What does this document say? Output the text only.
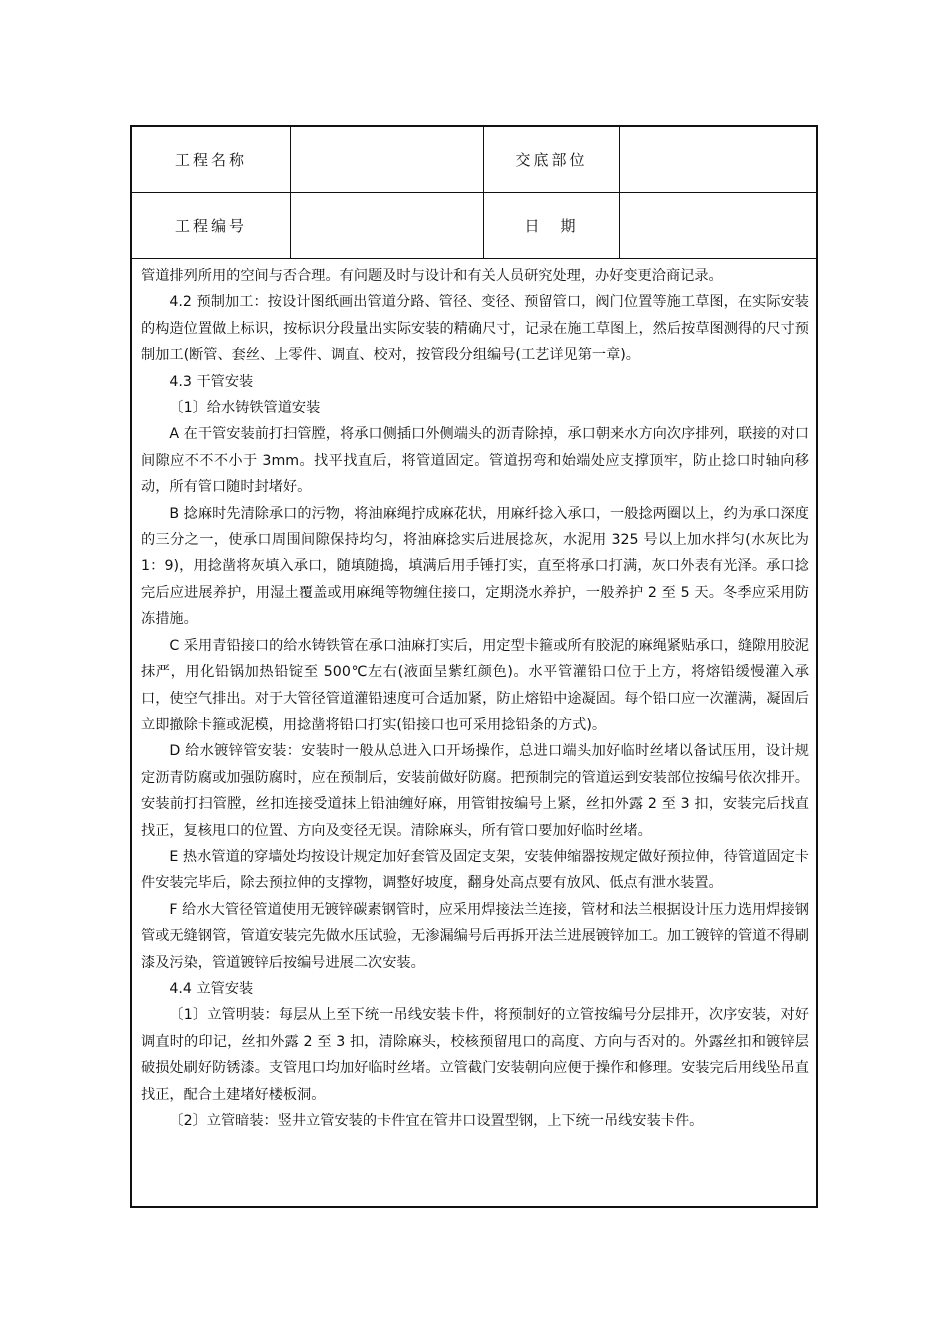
工程名称	交底部位
工程编号	日　期

管道排列所用的空间与否合理。有问题及时与设计和有关人员研究处理，办好变更洽商记录。

4.2 预制加工：按设计图纸画出管道分路、管径、变径、预留管口，阀门位置等施工草图，在实际安装的构造位置做上标识，按标识分段量出实际安装的精确尺寸，记录在施工草图上，然后按草图测得的尺寸预制加工(断管、套丝、上零件、调直、校对，按管段分组编号(工艺详见第一章)。

4.3 干管安装

〔1〕给水铸铁管道安装

A 在干管安装前打扫管膛，将承口侧插口外侧端头的沥青除掉，承口朝来水方向次序排列，联接的对口间隙应不不不小于 3mm。找平找直后，将管道固定。管道拐弯和始端处应支撑顶牢，防止捻口时轴向移动，所有管口随时封堵好。

B 捻麻时先清除承口的污物，将油麻绳拧成麻花状，用麻纤捻入承口，一般捻两圈以上，约为承口深度的三分之一，使承口周围间隙保持均匀，将油麻捻实后进展捻灰，水泥用 325 号以上加水拌匀(水灰比为 1：9)，用捻凿将灰填入承口，随填随捣，填满后用手锤打实，直至将承口打满，灰口外表有光泽。承口捻完后应进展养护，用湿土覆盖或用麻绳等物缠住接口，定期浇水养护，一般养护 2 至 5 天。冬季应采用防冻措施。

C 采用青铅接口的给水铸铁管在承口油麻打实后，用定型卡箍或所有胶泥的麻绳紧贴承口，缝隙用胶泥抹严，用化铅锅加热铅锭至 500℃左右(液面呈紫红颜色)。水平管灌铅口位于上方，将熔铅缓慢灌入承口，使空气排出。对于大管径管道灌铅速度可合适加紧，防止熔铅中途凝固。每个铅口应一次灌满，凝固后立即撤除卡箍或泥模，用捻凿将铅口打实(铅接口也可采用捻铅条的方式)。

D 给水镀锌管安装：安装时一般从总进入口开场操作，总进口端头加好临时丝堵以备试压用，设计规定沥青防腐或加强防腐时，应在预制后，安装前做好防腐。把预制完的管道运到安装部位按编号依次排开。安装前打扫管膛，丝扣连接受道抹上铅油缠好麻，用管钳按编号上紧，丝扣外露 2 至 3 扣，安装完后找直找正，复核甩口的位置、方向及变径无误。清除麻头，所有管口要加好临时丝堵。

E 热水管道的穿墙处均按设计规定加好套管及固定支架，安装伸缩器按规定做好预拉伸，待管道固定卡件安装完毕后，除去预拉伸的支撑物，调整好坡度，翻身处高点要有放风、低点有泄水装置。

F 给水大管径管道使用无镀锌碳素钢管时，应采用焊接法兰连接，管材和法兰根据设计压力选用焊接钢管或无缝钢管，管道安装完先做水压试验，无渗漏编号后再拆开法兰进展镀锌加工。加工镀锌的管道不得刷漆及污染，管道镀锌后按编号进展二次安装。

4.4 立管安装

〔1〕立管明装：每层从上至下统一吊线安装卡件，将预制好的立管按编号分层排开，次序安装，对好调直时的印记，丝扣外露 2 至 3 扣，清除麻头，校核预留甩口的高度、方向与否对的。外露丝扣和镀锌层破损处刷好防锈漆。支管甩口均加好临时丝堵。立管截门安装朝向应便于操作和修理。安装完后用线坠吊直找正，配合土建堵好楼板洞。

〔2〕立管暗装：竖井立管安装的卡件宜在管井口设置型钢，上下统一吊线安装卡件。
